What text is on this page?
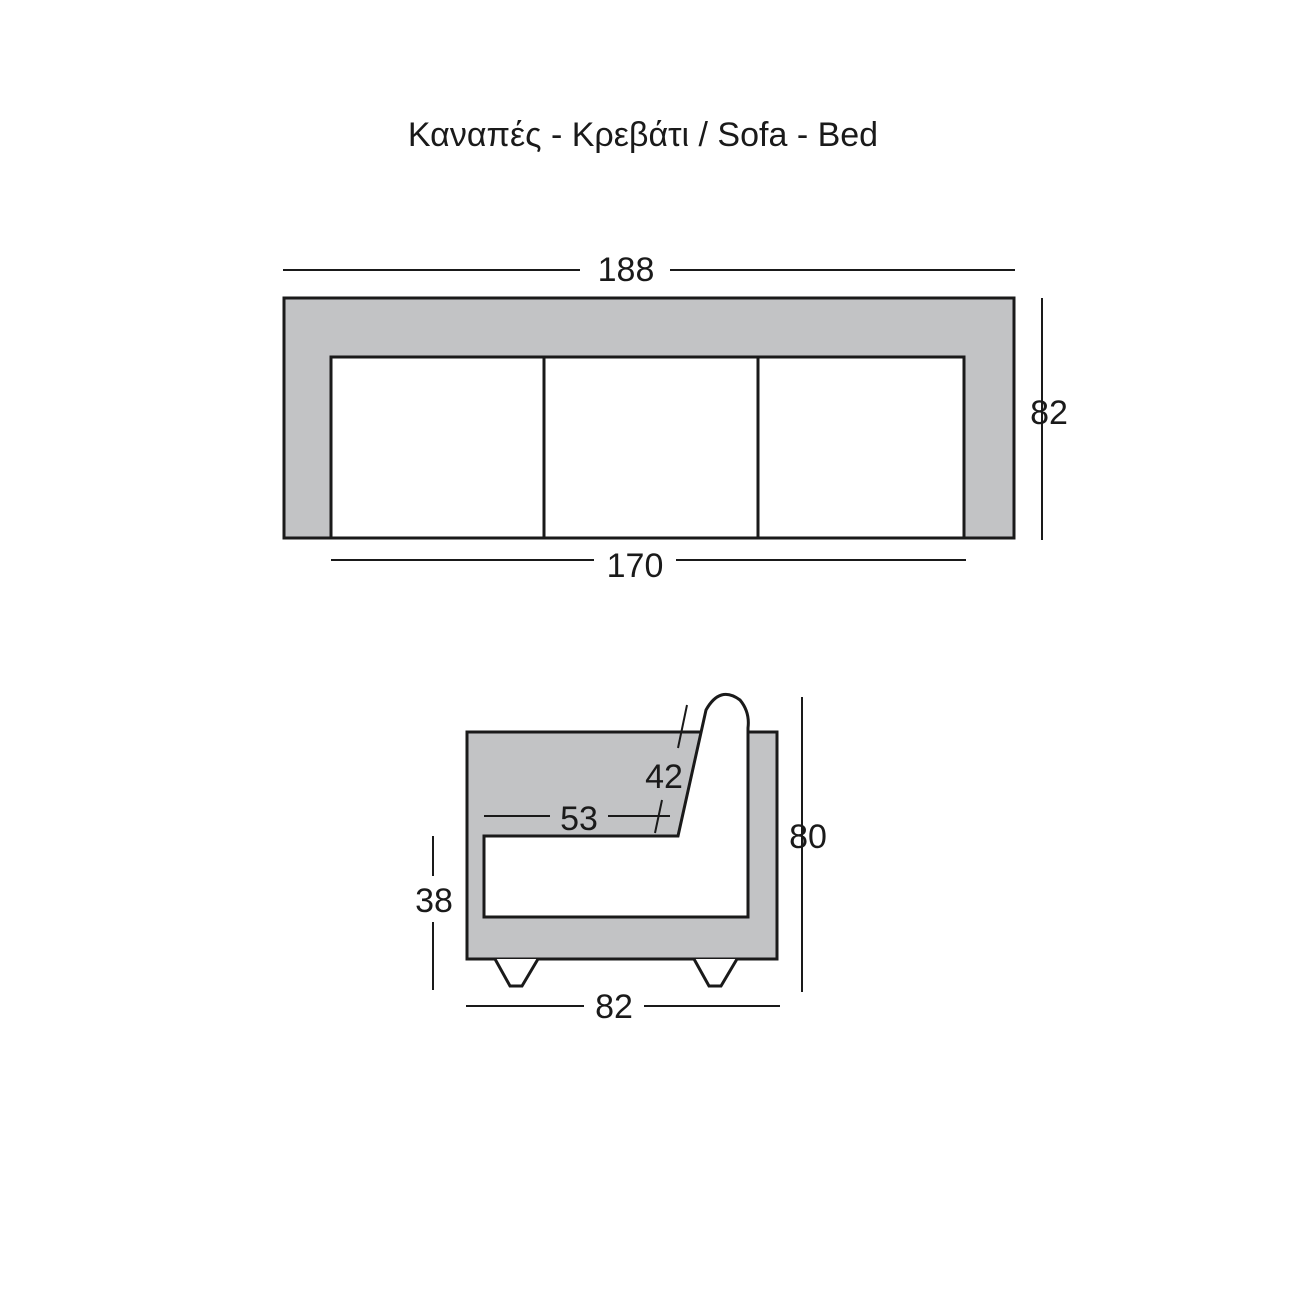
Καναπές - Κρεβάτι / Sofa - Bed
188
82
170
42
53
38
80
82
